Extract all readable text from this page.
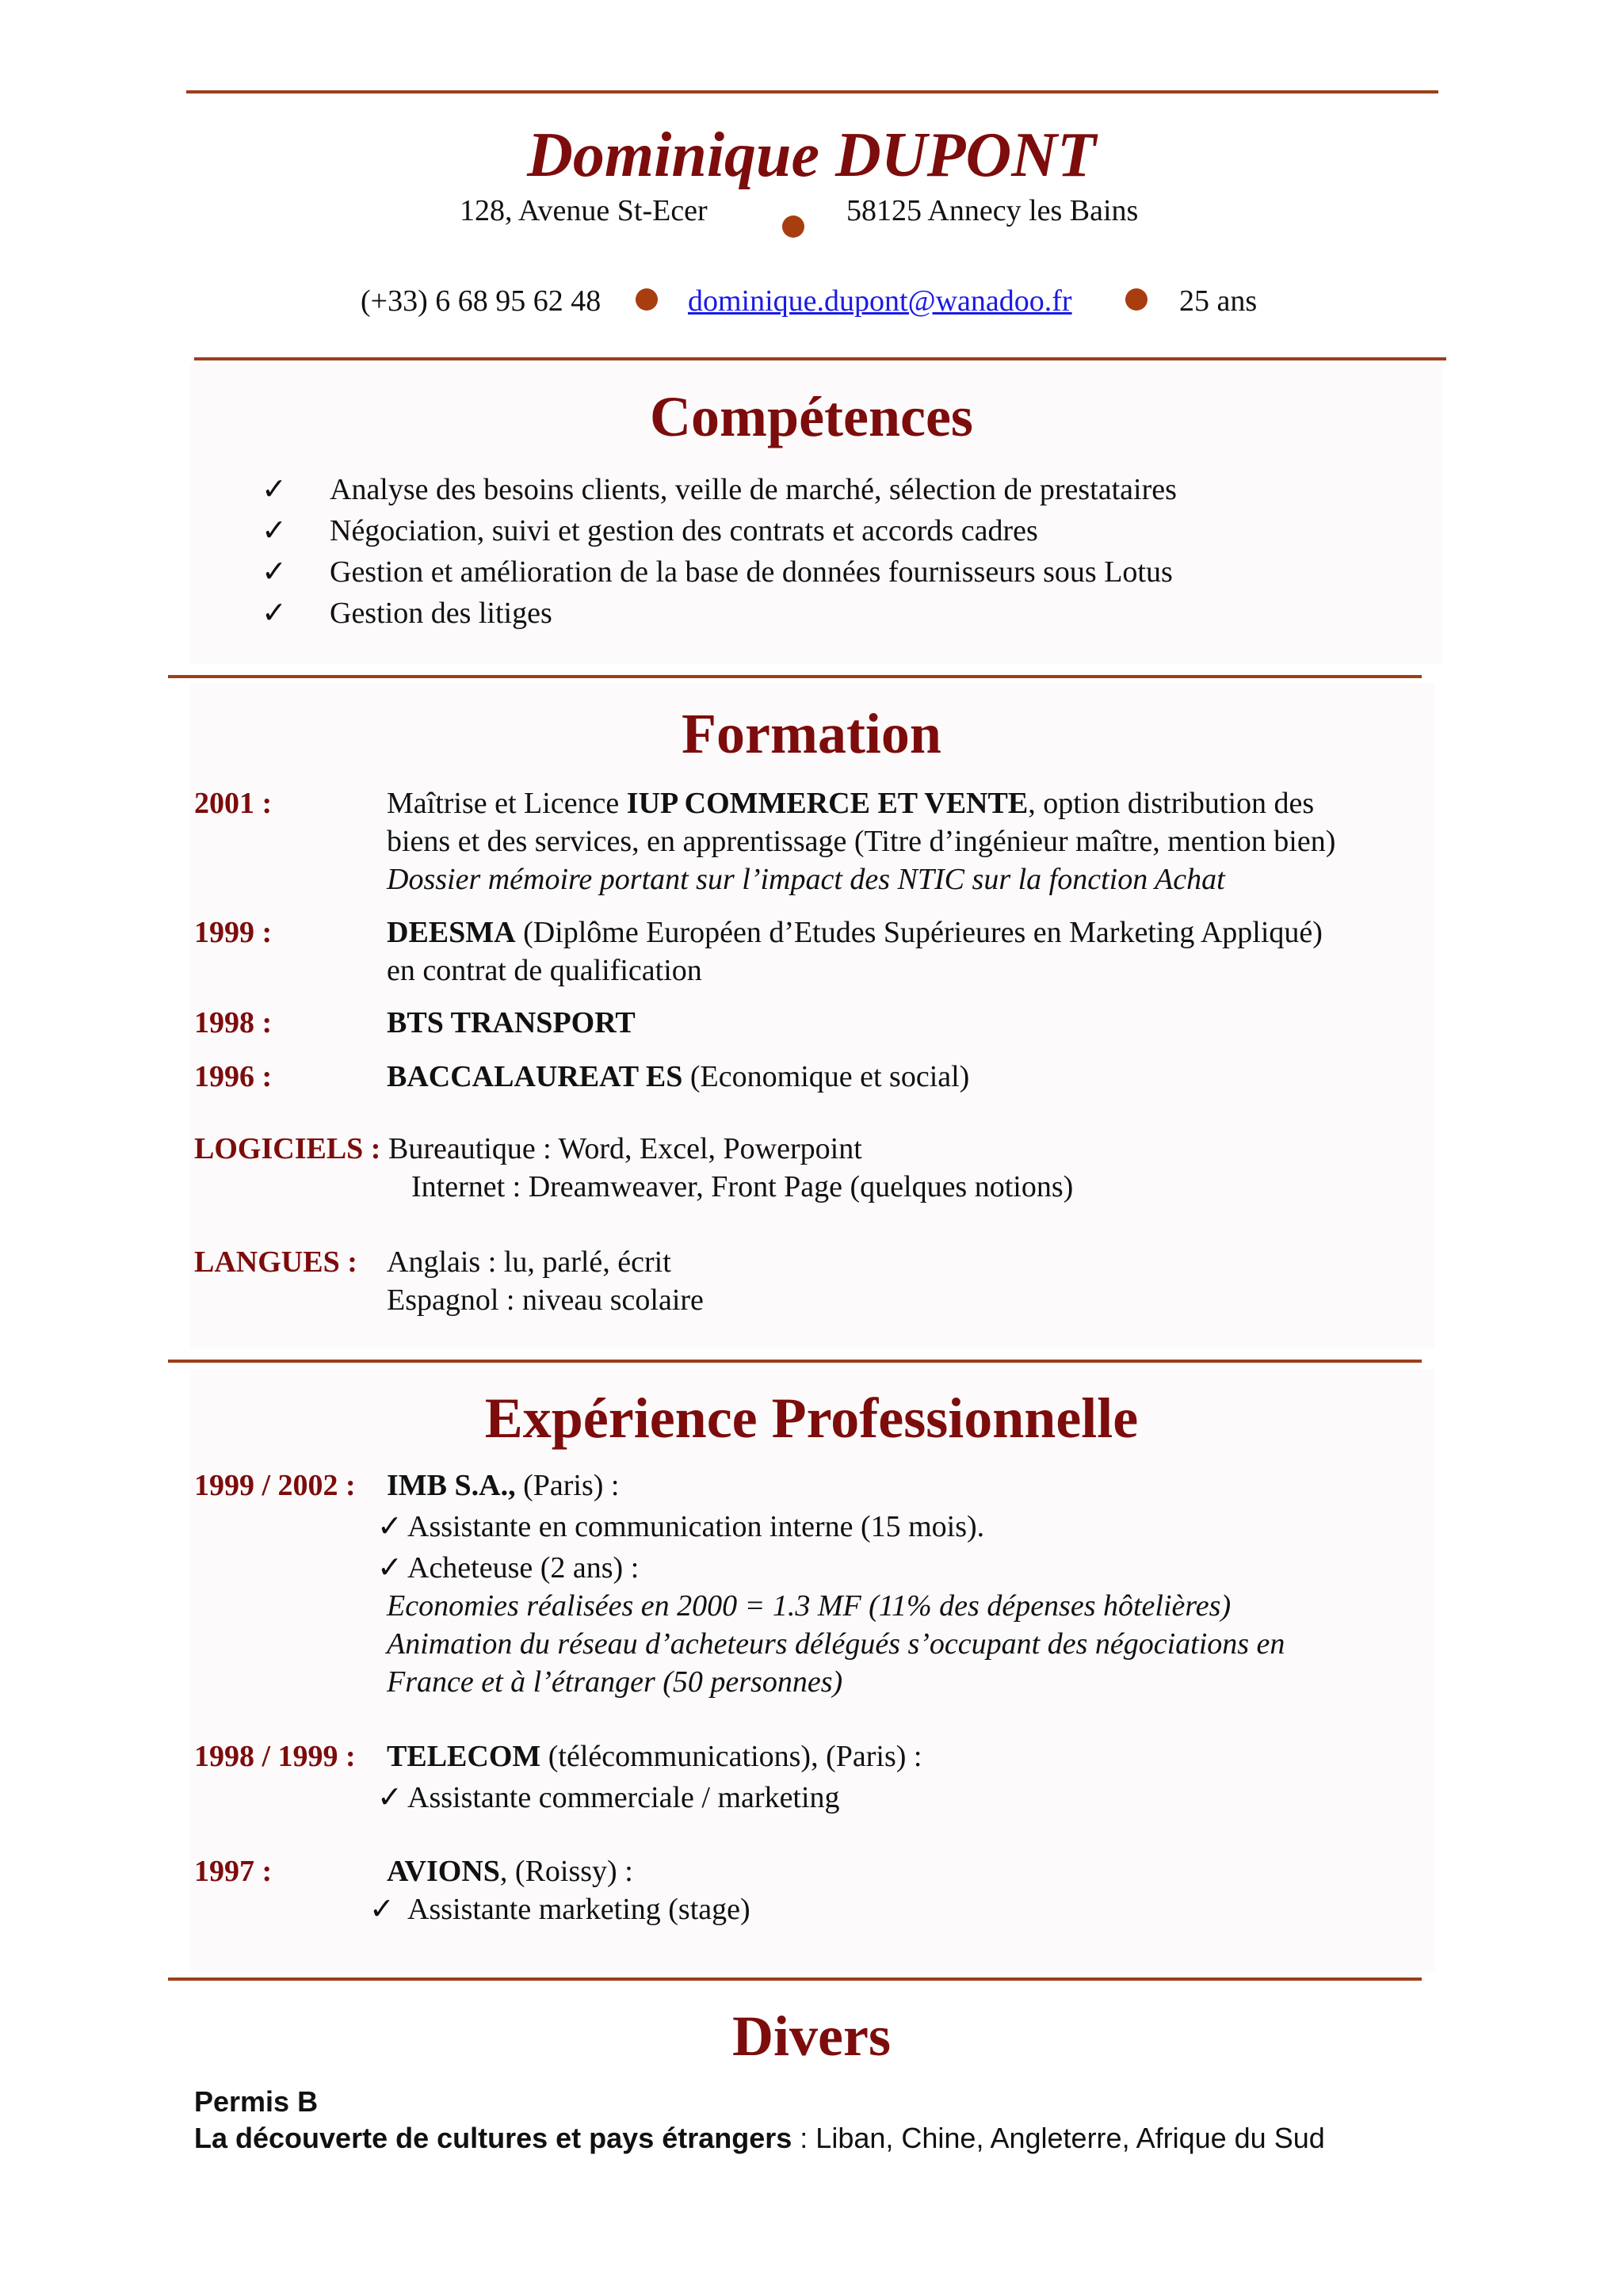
Dominique DUPONT
128, Avenue St-Ecer	58125 Annecy les Bains
(+33) 6 68 95 62 48	dominique.dupont@wanadoo.fr	25 ans
Compétences
✓ Analyse des besoins clients, veille de marché, sélection de prestataires
✓ Négociation, suivi et gestion des contrats et accords cadres
✓ Gestion et amélioration de la base de données fournisseurs sous Lotus
✓ Gestion des litiges
Formation
2001 :	Maîtrise et Licence IUP COMMERCE ET VENTE, option distribution des
biens et des services, en apprentissage (Titre d’ingénieur maître, mention bien)
Dossier mémoire portant sur l’impact des NTIC sur la fonction Achat
1999 :	DEESMA (Diplôme Européen d’Etudes Supérieures en Marketing Appliqué)
en contrat de qualification
1998 :	BTS TRANSPORT
1996 :	BACCALAUREAT ES (Economique et social)
LOGICIELS : Bureautique : Word, Excel, Powerpoint
Internet : Dreamweaver, Front Page (quelques notions)
LANGUES : Anglais : lu, parlé, écrit
Espagnol : niveau scolaire
Expérience Professionnelle
1999 / 2002 : IMB S.A., (Paris) :
✓ Assistante en communication interne (15 mois).
✓ Acheteuse (2 ans) :
Economies réalisées en 2000 = 1.3 MF (11% des dépenses hôtelières)
Animation du réseau d’acheteurs délégués s’occupant des négociations en
France et à l’étranger (50 personnes)
1998 / 1999 : TELECOM (télécommunications), (Paris) :
✓ Assistante commerciale / marketing
1997 :	AVIONS, (Roissy) :
✓ Assistante marketing (stage)
Divers
Permis B
La découverte de cultures et pays étrangers : Liban, Chine, Angleterre, Afrique du Sud
